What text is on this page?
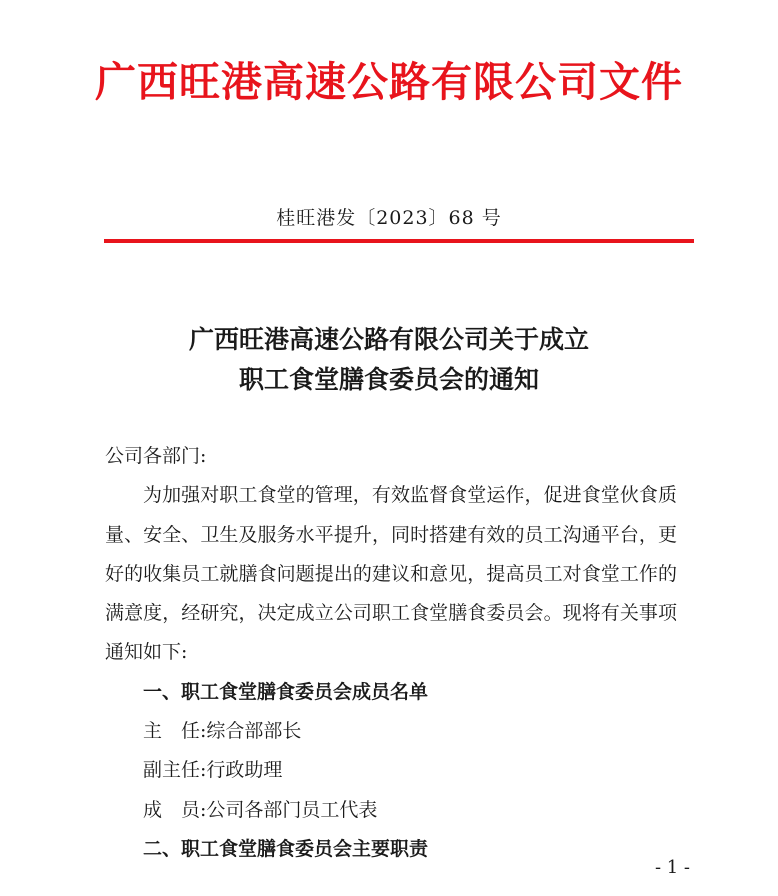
广西旺港高速公路有限公司文件
桂旺港发〔2023〕68 号
广西旺港高速公路有限公司关于成立
职工食堂膳食委员会的通知

公司各部门:

为加强对职工食堂的管理，有效监督食堂运作，促进食堂伙食质量、安全、卫生及服务水平提升，同时搭建有效的员工沟通平台，更好的收集员工就膳食问题提出的建议和意见，提高员工对食堂工作的满意度，经研究，决定成立公司职工食堂膳食委员会。现将有关事项通知如下:

一、职工食堂膳食委员会成员名单

主　任:综合部部长

副主任:行政助理

成　员:公司各部门员工代表

二、职工食堂膳食委员会主要职责

- 1 -
